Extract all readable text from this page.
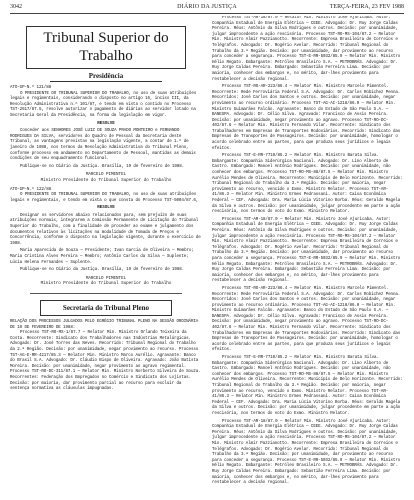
3042	DIÁRIO DA JUSTIÇA	TERÇA-FEIRA, 23 FEV 1988
Tribunal Superior do Trabalho
Presidência

ATO-GP-N.º 121/88

O PRESIDENTE DO TRIBUNAL SUPERIOR DO TRABALHO, no uso de suas atribuições legais e regimentais, considerando o disposto no artigo 16, inciso III, da Resolução Administrativa n.º 101/87, e tendo em vista o contido no Processo TST-2617/87.5, resolve autorizar o pagamento de diárias ao servidor lotado na Secretaria Geral da Presidência, na forma da legislação em vigor.

RESOLVE

Conceder aos SENHORES JOSÉ LUIZ DE SOUZA PRADO MONTEIRO e FERNANDO RODRIGUES DA SILVA, servidores do Quadro de Pessoal da Secretaria deste Tribunal, as vantagens previstas na legislação vigente, a contar de 1.º de janeiro de 1988, nos termos da Resolução Administrativa do Tribunal Pleno, conforme processo em andamento no Departamento de Pessoal, mantidas as demais condições de seu enquadramento funcional.

Publique-se no Diário da Justiça. Brasília, 19 de fevereiro de 1988.

MARCELO PIMENTEL
Ministro Presidente do Tribunal Superior do Trabalho

ATO-GP-N.º 122/88

O PRESIDENTE DO TRIBUNAL SUPERIOR DO TRABALHO, no uso de suas atribuições legais e regimentais, e tendo em vista o que consta do Processo TST-5004/87.6,

RESOLVE

Designar os servidores abaixo relacionados para, sem prejuízo de suas atribuições normais, integrarem a Comissão Permanente de Licitação do Tribunal Superior do Trabalho, com a finalidade de proceder ao exame e julgamento dos documentos relativos às licitações na modalidade de Tomada de Preços e Concorrência, conforme o disposto na legislação vigente, durante o exercício de 1988.

Maria Aparecida de Souza — Presidente; Ivan Garcia de Oliveira — Membro; Maria Cristina Alves Pereira — Membro; Antônio Carlos da Silva — Suplente; Lúcia Helena Fernandes — Suplente.

Publique-se no Diário da Justiça. Brasília, 19 de fevereiro de 1988.

MARCELO PIMENTEL
Ministro Presidente do Tribunal Superior do Trabalho
Secretaria do Tribunal Pleno

RELAÇÃO DOS PROCESSOS JULGADOS PELO EGRÉGIO TRIBUNAL PLENO NA SESSÃO ORDINÁRIA DE 10 DE FEVEREIRO DE 1988:

Processo TST-RO-MS-1/87.7 — Relator Min. Ministro Orlando Teixeira da Costa. Recorrente: Sindicato dos Trabalhadores nas Indústrias Metalúrgicas. Advogado: Dr. José Torres das Neves. Recorrido: Tribunal Regional do Trabalho da 2.ª Região. Decisão: por unanimidade, negar provimento ao recurso. Processo TST-AG-E-RR-4217/85.3 — Relator Min. Ministro Marco Aurélio. Agravante: Banco do Brasil S.A. Advogado: Dr. Cláudio Bispo de Oliveira. Agravado: João Batista Moreira. Decisão: por unanimidade, negar provimento ao agravo regimental. Processo TST-RO-DC-311/87.1 — Relator Min. Ministro Norberto Silveira de Souza. Recorrentes: Federação dos Empregados no Comércio e Sindicato dos Lojistas. Decisão: por maioria, dar provimento parcial ao recurso para excluir da sentença normativa as cláusulas impugnadas.

Processo TST-AR-18/87.0 — Relator Min. Ministro José Ajuricaba. Autor: Companhia Estadual de Energia Elétrica — CEEE. Advogado: Dr. Ruy Jorge Caldas Pereira. Réus: Antônio da Silva Rodrigues e outros. Decisão: por unanimidade, julgar improcedente a ação rescisória. Processo TST-RO-MS-104/87.2 — Relator Min. Ministro Almir Pazzianotto. Recorrente: Empresa Brasileira de Correios e Telégrafos. Advogado: Dr. Rogério Avelar. Recorrido: Tribunal Regional do Trabalho da 3.ª Região. Decisão: por unanimidade, dar provimento ao recurso para conceder a segurança. Processo TST-E-RR-5032/85.9 — Relator Min. Ministro Hélio Regato. Embargante: Petróleo Brasileiro S.A. — PETROBRÁS. Advogado: Dr. Ruy Jorge Caldas Pereira. Embargado: Sebastião Ferreira Lima. Decisão: por maioria, conhecer dos embargos e, no mérito, dar-lhes provimento para restabelecer a decisão regional.

Processo TST-RO-AR-223/86.4 — Relator Min. Ministro Marcelo Pimentel. Recorrente: Rede Ferroviária Federal S.A. Advogado: Dr. Carlos Robichez Penna. Recorridos: José Carlos dos Santos e outros. Decisão: por unanimidade, negar provimento ao recurso ordinário. Processo TST-AG-AI-1218/86.0 — Relator Min. Ministro Guimarães Falcão. Agravante: Banco do Estado de São Paulo S.A. — BANESPA. Advogado: Dr. Célio Silva. Agravado: Francisco de Assis Pereira. Decisão: por unanimidade, negar provimento ao agravo. Processo TST-RO-DC-402/87.6 — Relator Min. Ministro Fernando Vilar. Recorrente: Sindicato dos Trabalhadores em Empresas de Transportes Rodoviários. Recorrido: Sindicato das Empresas de Transportes de Passageiros. Decisão: por unanimidade, homologar o acordo celebrado entre as partes, para que produza seus jurídicos e legais efeitos.

Processo TST-E-RR-7710/85.2 — Relator Min. Ministro Barata Silva. Embargante: Companhia Siderúrgica Nacional. Advogado: Dr. Lino Alberto de Castro. Embargado: Manoel Antônio Rodrigues. Decisão: por unanimidade, não conhecer dos embargos. Processo TST-RO-MS-88/87.5 — Relator Min. Ministro Aurélio Mendes de Oliveira. Recorrente: Município de Belo Horizonte. Recorrido: Tribunal Regional do Trabalho da 3.ª Região. Decisão: por maioria, negar provimento ao recurso, vencido o Exmo. Ministro Relator. Processo TST-AR-41/86.3 — Relator Min. Ministro Ermes Pedrassani. Autor: Caixa Econômica Federal — CEF. Advogada: Dra. Maria Lúcia Vitorino Borba. Réus: Geraldo Magela da Silva e outros. Decisão: por unanimidade, julgar procedente em parte a ação rescisória, nos termos do voto do Exmo. Ministro Relator.

Processo TST-AR-18/87.0 — Relator Min. Ministro José Ajuricaba. Autor: Companhia Estadual de Energia Elétrica — CEEE. Advogado: Dr. Ruy Jorge Caldas Pereira. Réus: Antônio da Silva Rodrigues e outros. Decisão: por unanimidade, julgar improcedente a ação rescisória. Processo TST-RO-MS-104/87.2 — Relator Min. Ministro Almir Pazzianotto. Recorrente: Empresa Brasileira de Correios e Telégrafos. Advogado: Dr. Rogério Avelar. Recorrido: Tribunal Regional do Trabalho da 3.ª Região. Decisão: por unanimidade, dar provimento ao recurso para conceder a segurança. Processo TST-E-RR-5032/85.9 — Relator Min. Ministro Hélio Regato. Embargante: Petróleo Brasileiro S.A. — PETROBRÁS. Advogado: Dr. Ruy Jorge Caldas Pereira. Embargado: Sebastião Ferreira Lima. Decisão: por maioria, conhecer dos embargos e, no mérito, dar-lhes provimento para restabelecer a decisão regional.

Processo TST-RO-AR-223/86.4 — Relator Min. Ministro Marcelo Pimentel. Recorrente: Rede Ferroviária Federal S.A. Advogado: Dr. Carlos Robichez Penna. Recorridos: José Carlos dos Santos e outros. Decisão: por unanimidade, negar provimento ao recurso ordinário. Processo TST-AG-AI-1218/86.0 — Relator Min. Ministro Guimarães Falcão. Agravante: Banco do Estado de São Paulo S.A. — BANESPA. Advogado: Dr. Célio Silva. Agravado: Francisco de Assis Pereira. Decisão: por unanimidade, negar provimento ao agravo. Processo TST-RO-DC-402/87.6 — Relator Min. Ministro Fernando Vilar. Recorrente: Sindicato dos Trabalhadores em Empresas de Transportes Rodoviários. Recorrido: Sindicato das Empresas de Transportes de Passageiros. Decisão: por unanimidade, homologar o acordo celebrado entre as partes, para que produza seus jurídicos e legais efeitos.

Processo TST-E-RR-7710/85.2 — Relator Min. Ministro Barata Silva. Embargante: Companhia Siderúrgica Nacional. Advogado: Dr. Lino Alberto de Castro. Embargado: Manoel Antônio Rodrigues. Decisão: por unanimidade, não conhecer dos embargos. Processo TST-RO-MS-88/87.5 — Relator Min. Ministro Aurélio Mendes de Oliveira. Recorrente: Município de Belo Horizonte. Recorrido: Tribunal Regional do Trabalho da 3.ª Região. Decisão: por maioria, negar provimento ao recurso, vencido o Exmo. Ministro Relator. Processo TST-AR-41/86.3 — Relator Min. Ministro Ermes Pedrassani. Autor: Caixa Econômica Federal — CEF. Advogada: Dra. Maria Lúcia Vitorino Borba. Réus: Geraldo Magela da Silva e outros. Decisão: por unanimidade, julgar procedente em parte a ação rescisória, nos termos do voto do Exmo. Ministro Relator.

Processo TST-AR-18/87.0 — Relator Min. Ministro José Ajuricaba. Autor: Companhia Estadual de Energia Elétrica — CEEE. Advogado: Dr. Ruy Jorge Caldas Pereira. Réus: Antônio da Silva Rodrigues e outros. Decisão: por unanimidade, julgar improcedente a ação rescisória. Processo TST-RO-MS-104/87.2 — Relator Min. Ministro Almir Pazzianotto. Recorrente: Empresa Brasileira de Correios e Telégrafos. Advogado: Dr. Rogério Avelar. Recorrido: Tribunal Regional do Trabalho da 3.ª Região. Decisão: por unanimidade, dar provimento ao recurso para conceder a segurança. Processo TST-E-RR-5032/85.9 — Relator Min. Ministro Hélio Regato. Embargante: Petróleo Brasileiro S.A. — PETROBRÁS. Advogado: Dr. Ruy Jorge Caldas Pereira. Embargado: Sebastião Ferreira Lima. Decisão: por maioria, conhecer dos embargos e, no mérito, dar-lhes provimento para restabelecer a decisão regional.
